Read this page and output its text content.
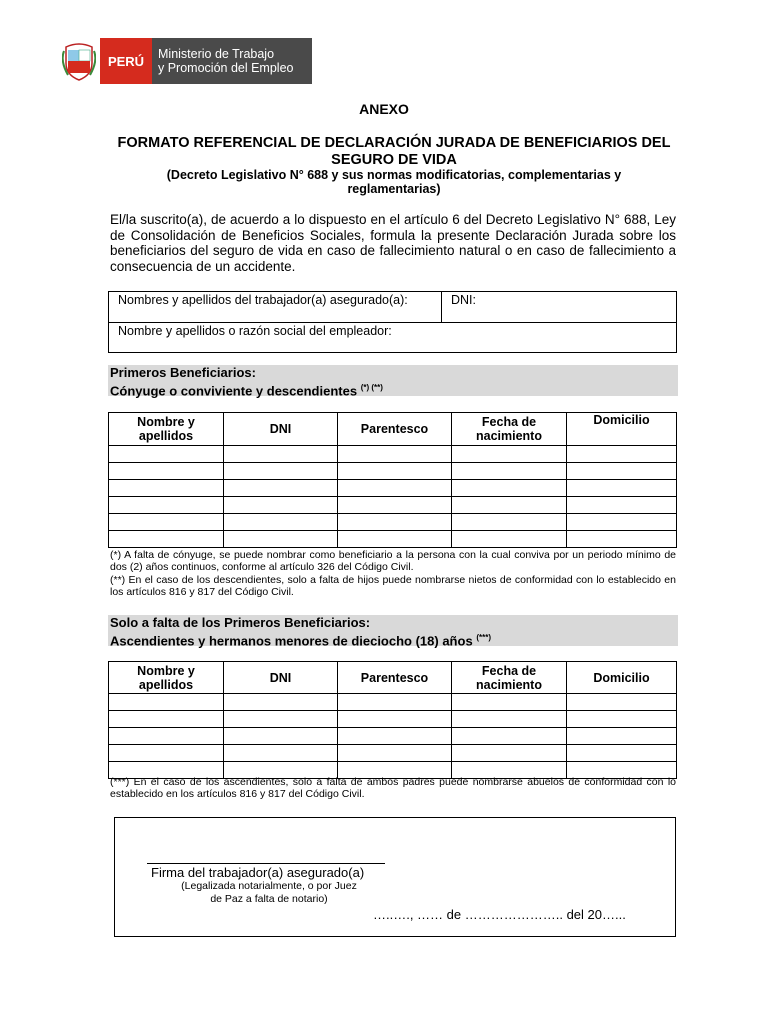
PERÚ	Ministerio de Trabajo
y Promoción del Empleo
ANEXO
FORMATO REFERENCIAL DE DECLARACIÓN JURADA DE BENEFICIARIOS DEL SEGURO DE VIDA
(Decreto Legislativo N° 688 y sus normas modificatorias, complementarias y reglamentarias)
El/la suscrito(a), de acuerdo a lo dispuesto en el artículo 6 del Decreto Legislativo N° 688, Ley de Consolidación de Beneficios Sociales, formula la presente Declaración Jurada sobre los beneficiarios del seguro de vida en caso de fallecimiento natural o en caso de fallecimiento a consecuencia de un accidente.
Nombres y apellidos del trabajador(a) asegurado(a):	DNI:
Nombre y apellidos o razón social del empleador:
Primeros Beneficiarios:
Cónyuge o conviviente y descendientes (*) (**)
Nombre y apellidos	DNI	Parentesco	Fecha de nacimiento	Domicilio

(*) A falta de cónyuge, se puede nombrar como beneficiario a la persona con la cual conviva por un periodo mínimo de dos (2) años continuos, conforme al artículo 326 del Código Civil.
(**) En el caso de los descendientes, solo a falta de hijos puede nombrarse nietos de conformidad con lo establecido en los artículos 816 y 817 del Código Civil.
Solo a falta de los Primeros Beneficiarios:
Ascendientes y hermanos menores de dieciocho (18) años (***)
Nombre y apellidos	DNI	Parentesco	Fecha de nacimiento	Domicilio

(***) En el caso de los ascendientes, solo a falta de ambos padres puede nombrarse abuelos de conformidad con lo establecido en los artículos 816 y 817 del Código Civil.
Firma del trabajador(a) asegurado(a)
(Legalizada notarialmente, o por Juez de Paz a falta de notario)
…..…., …… de ………………….. del 20…...
